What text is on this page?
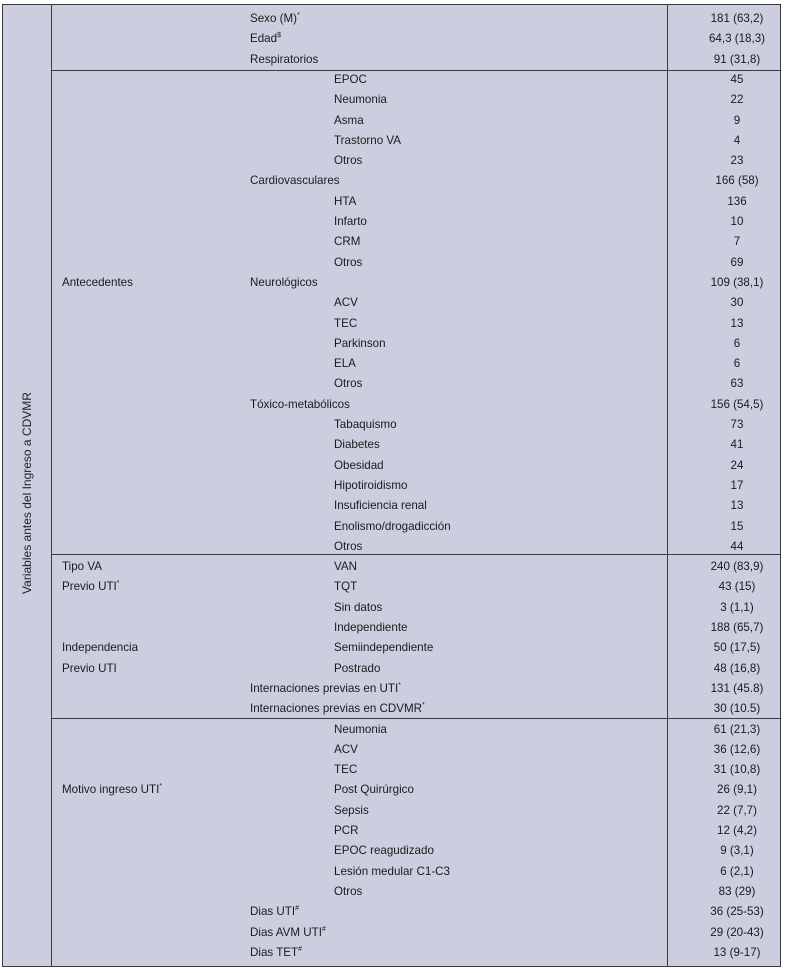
Variables antes del Ingreso a CDVMR
Sexo (M)*	181 (63,2)
Edad$	64,3 (18,3)
Respiratorios	91 (31,8)
EPOC	45
Neumonia	22
Asma	9
Trastorno VA	4
Otros	23
Cardiovasculares	166 (58)
HTA	136
Infarto	10
CRM	7
Otros	69
Antecedentes	Neurológicos	109 (38,1)
ACV	30
TEC	13
Parkinson	6
ELA	6
Otros	63
Tóxico-metabólicos	156 (54,5)
Tabaquismo	73
Diabetes	41
Obesidad	24
Hipotiroidismo	17
Insuficiencia renal	13
Enolismo/drogadicción	15
Otros	44
Tipo VA	VAN	240 (83,9)
Previo UTI*	TQT	43 (15)
Sin datos	3 (1,1)
Independiente	188 (65,7)
Independencia	Semiindependiente	50 (17,5)
Previo UTI	Postrado	48 (16,8)
Internaciones previas en UTI*	131 (45.8)
Internaciones previas en CDVMR*	30 (10.5)
Neumonia	61 (21,3)
ACV	36 (12,6)
TEC	31 (10,8)
Motivo ingreso UTI*	Post Quirúrgico	26 (9,1)
Sepsis	22 (7,7)
PCR	12 (4,2)
EPOC reagudizado	9 (3,1)
Lesión medular C1-C3	6 (2,1)
Otros	83 (29)
Dias UTI#	36 (25-53)
Dias AVM UTI#	29 (20-43)
Dias TET#	13 (9-17)
